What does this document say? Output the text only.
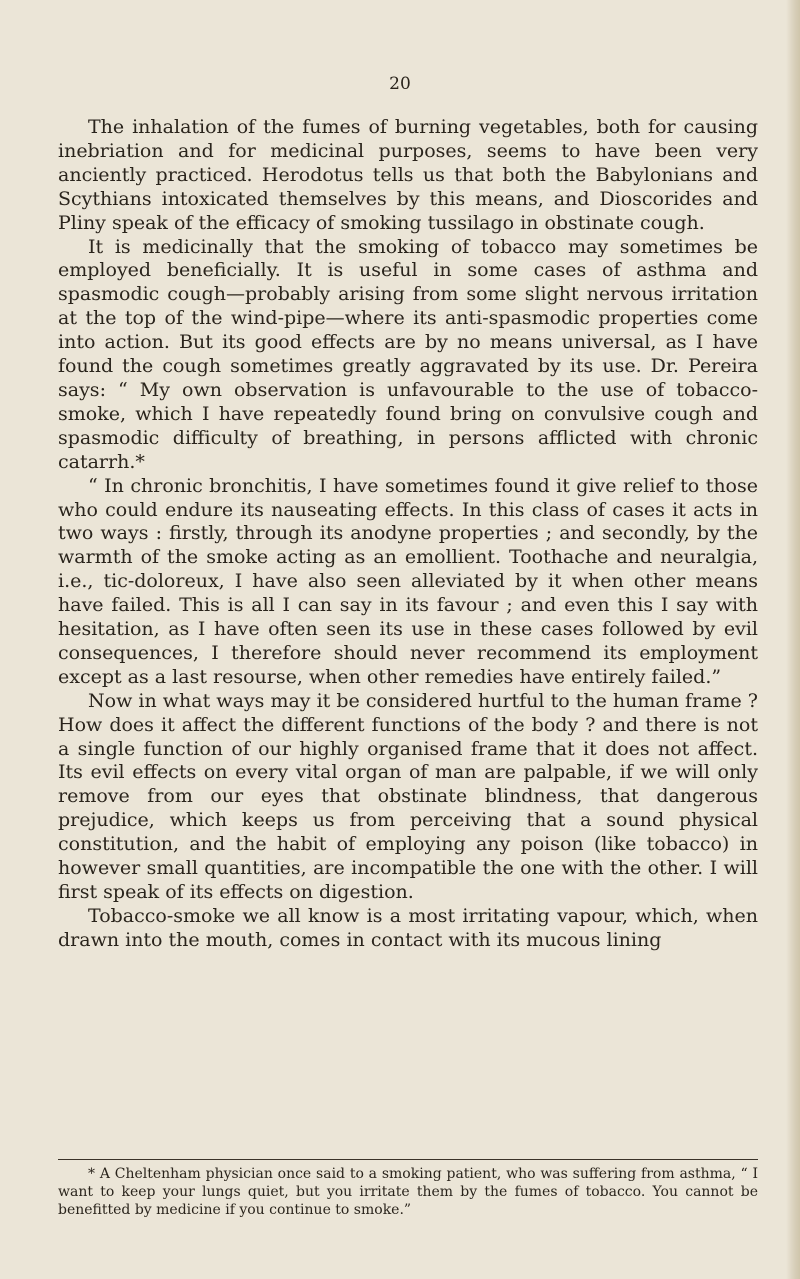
20

The inhalation of the fumes of burning vegetables, both for causing inebriation and for medicinal purposes, seems to have been very anciently practiced. Herodotus tells us that both the Babylonians and Scythians intoxicated themselves by this means, and Dioscorides and Pliny speak of the efficacy of smoking tussilago in obstinate cough.

It is medicinally that the smoking of tobacco may sometimes be employed beneficially. It is useful in some cases of asthma and spasmodic cough—probably arising from some slight nervous irritation at the top of the wind-pipe—where its anti-spasmodic properties come into action. But its good effects are by no means universal, as I have found the cough sometimes greatly aggravated by its use. Dr. Pereira says: “ My own observation is unfavourable to the use of tobacco-smoke, which I have repeatedly found bring on convulsive cough and spasmodic difficulty of breathing, in persons afflicted with chronic catarrh.*

“ In chronic bronchitis, I have sometimes found it give relief to those who could endure its nauseating effects. In this class of cases it acts in two ways : firstly, through its anodyne properties ; and secondly, by the warmth of the smoke acting as an emollient. Toothache and neuralgia, i.e., tic-doloreux, I have also seen alleviated by it when other means have failed. This is all I can say in its favour ; and even this I say with hesitation, as I have often seen its use in these cases followed by evil consequences, I therefore should never recommend its employment except as a last resourse, when other remedies have entirely failed.”

Now in what ways may it be considered hurtful to the human frame ? How does it affect the different functions of the body ? and there is not a single function of our highly organised frame that it does not affect. Its evil effects on every vital organ of man are palpable, if we will only remove from our eyes that obstinate blindness, that dangerous prejudice, which keeps us from perceiving that a sound physical constitution, and the habit of employing any poison (like tobacco) in however small quantities, are incompatible the one with the other. I will first speak of its effects on digestion.

Tobacco-smoke we all know is a most irritating vapour, which, when drawn into the mouth, comes in contact with its mucous lining

* A Cheltenham physician once said to a smoking patient, who was suffering from asthma, “ I want to keep your lungs quiet, but you irritate them by the fumes of tobacco. You cannot be benefitted by medicine if you continue to smoke.”
